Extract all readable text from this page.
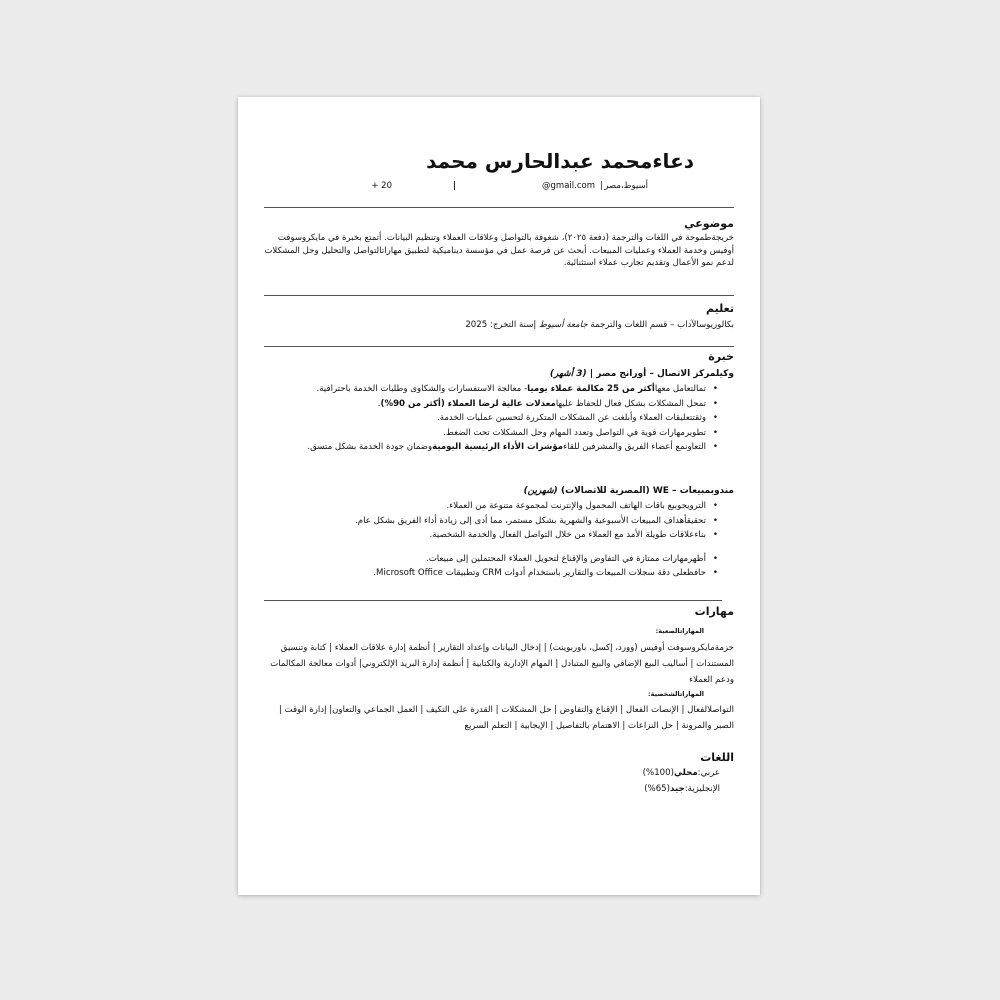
دعاءمحمد عبدالحارس محمد
أسيوط،مصر
|
@gmail.com
|
+ 20
موضوعي
خريجةطموحة في اللغات والترجمة (دفعة ٢٠٢٥)، شغوفة بالتواصل وعلاقات العملاء وتنظيم البيانات. أتمتع بخبرة في مايكروسوفت أوفيس وخدمة العملاء وعمليات المبيعات. أبحث عن فرصة عمل في مؤسسة ديناميكية لتطبيق مهاراتالتواصل والتحليل وحل المشكلات لدعم نمو الأعمال وتقديم تجارب عملاء استثنائية.
تعليم
بكالوريوسالآداب – قسم اللغات والترجمة جامعة أسيوط |سنة التخرج: 2025
خبرة
وكيلمركز الاتصال – أورانج مصر | (3 أشهر)
• تمالتعامل معهاأكثر من 25 مكالمة عملاء يوميا- معالجة الاستفسارات والشكاوى وطلبات الخدمة باحترافية.
• تمحل المشكلات بشكل فعال للحفاظ عليهامعدلات عالية لرضا العملاء (أكثر من 90%).
• وثقتتعليقات العملاء وأبلغت عن المشكلات المتكررة لتحسين عمليات الخدمة.
• تطويرمهارات قوية في التواصل وتعدد المهام وحل المشكلات تحت الضغط.
• التعاونمع أعضاء الفريق والمشرفين للقاءمؤشرات الأداء الرئيسية اليوميةوضمان جودة الخدمة بشكل متسق.
مندوبمبيعات – WE (المصرية للاتصالات) (شهرين)
• الترويجوبيع باقات الهاتف المحمول والإنترنت لمجموعة متنوعة من العملاء.
• تحقيقأهداف المبيعات الأسبوعية والشهرية بشكل مستمر، مما أدى إلى زيادة أداء الفريق بشكل عام.
• بناءعلاقات طويلة الأمد مع العملاء من خلال التواصل الفعال والخدمة الشخصية.
• أظهرمهارات ممتازة في التفاوض والإقناع لتحويل العملاء المحتملين إلى مبيعات.
• حافظعلى دقة سجلات المبيعات والتقارير باستخدام أدوات CRM وتطبيقات Microsoft Office.
مهارات
المهاراتالصعبة:
حزمةمايكروسوفت أوفيس (وورد، إكسل، باوربوينت) | إدخال البيانات وإعداد التقارير | أنظمة إدارة علاقات العملاء | كتابة وتنسيق المستندات | أساليب البيع الإضافي والبيع المتبادل | المهام الإدارية والكتابية | أنظمة إدارة البريد الإلكتروني| أدوات معالجة المكالمات ودعم العملاء
المهاراتالشخصية:
التواصلالفعال | الإنصات الفعال | الإقناع والتفاوض | حل المشكلات | القدرة على التكيف | العمل الجماعي والتعاون| إدارة الوقت | الصبر والمرونة | حل النزاعات | الاهتمام بالتفاصيل | الإيجابية | التعلم السريع
اللغات
عربي:محلي(100%)
الإنجليزية:جيد(65%)
